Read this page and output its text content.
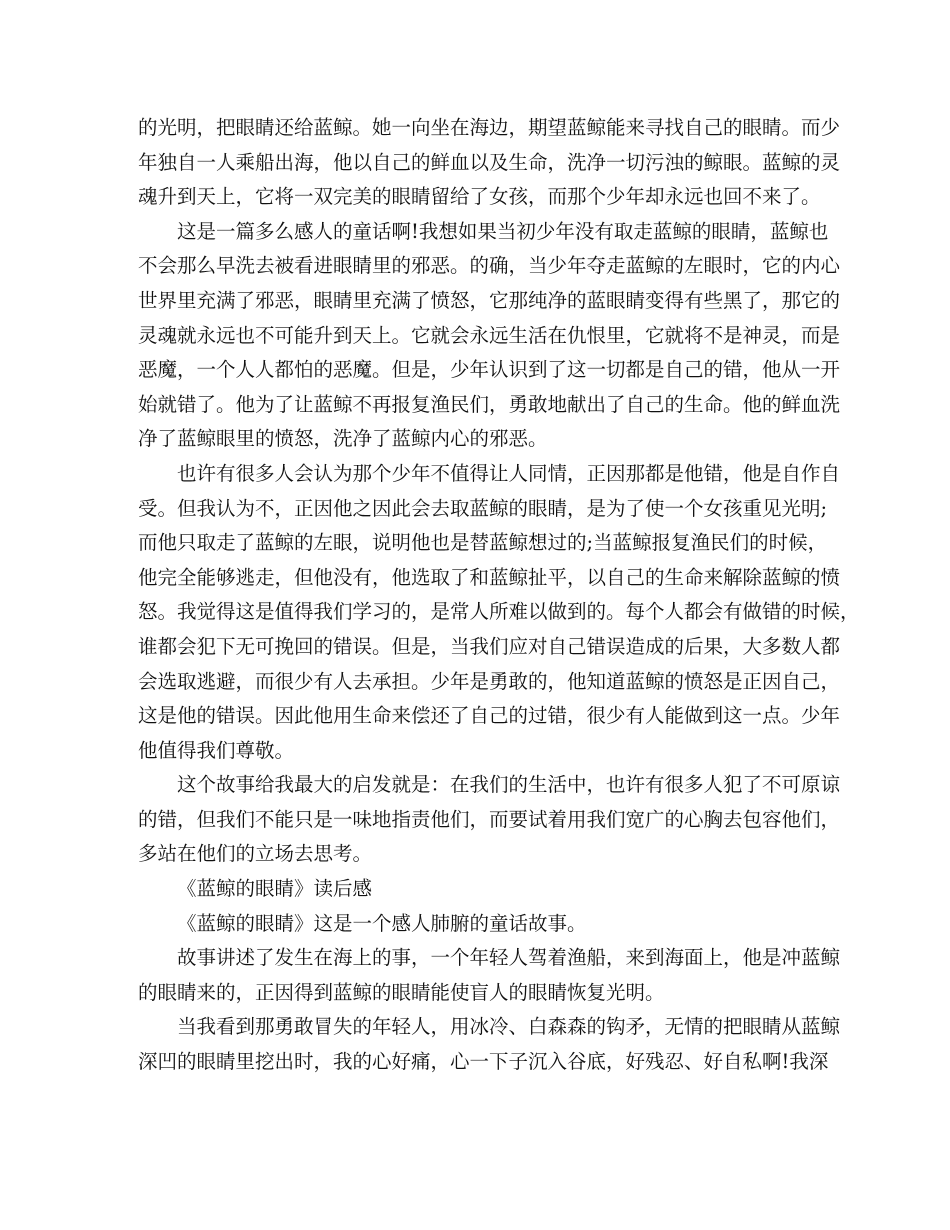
的光明，把眼睛还给蓝鲸。她一向坐在海边，期望蓝鲸能来寻找自己的眼睛。而少
年独自一人乘船出海，他以自己的鲜血以及生命，洗净一切污浊的鲸眼。蓝鲸的灵
魂升到天上，它将一双完美的眼睛留给了女孩，而那个少年却永远也回不来了。
这是一篇多么感人的童话啊!我想如果当初少年没有取走蓝鲸的眼睛，蓝鲸也
不会那么早洗去被看进眼睛里的邪恶。的确，当少年夺走蓝鲸的左眼时，它的内心
世界里充满了邪恶，眼睛里充满了愤怒，它那纯净的蓝眼睛变得有些黑了，那它的
灵魂就永远也不可能升到天上。它就会永远生活在仇恨里，它就将不是神灵，而是
恶魔，一个人人都怕的恶魔。但是，少年认识到了这一切都是自己的错，他从一开
始就错了。他为了让蓝鲸不再报复渔民们，勇敢地献出了自己的生命。他的鲜血洗
净了蓝鲸眼里的愤怒，洗净了蓝鲸内心的邪恶。
也许有很多人会认为那个少年不值得让人同情，正因那都是他错，他是自作自
受。但我认为不，正因他之因此会去取蓝鲸的眼睛，是为了使一个女孩重见光明;
而他只取走了蓝鲸的左眼，说明他也是替蓝鲸想过的;当蓝鲸报复渔民们的时候，
他完全能够逃走，但他没有，他选取了和蓝鲸扯平，以自己的生命来解除蓝鲸的愤
怒。我觉得这是值得我们学习的，是常人所难以做到的。每个人都会有做错的时候，
谁都会犯下无可挽回的错误。但是，当我们应对自己错误造成的后果，大多数人都
会选取逃避，而很少有人去承担。少年是勇敢的，他知道蓝鲸的愤怒是正因自己，
这是他的错误。因此他用生命来偿还了自己的过错，很少有人能做到这一点。少年
他值得我们尊敬。
这个故事给我最大的启发就是：在我们的生活中，也许有很多人犯了不可原谅
的错，但我们不能只是一味地指责他们，而要试着用我们宽广的心胸去包容他们，
多站在他们的立场去思考。
《蓝鲸的眼睛》读后感
《蓝鲸的眼睛》这是一个感人肺腑的童话故事。
故事讲述了发生在海上的事，一个年轻人驾着渔船，来到海面上，他是冲蓝鲸
的眼睛来的，正因得到蓝鲸的眼睛能使盲人的眼睛恢复光明。
当我看到那勇敢冒失的年轻人，用冰冷、白森森的钩矛，无情的把眼睛从蓝鲸
深凹的眼睛里挖出时，我的心好痛，心一下子沉入谷底，好残忍、好自私啊!我深
